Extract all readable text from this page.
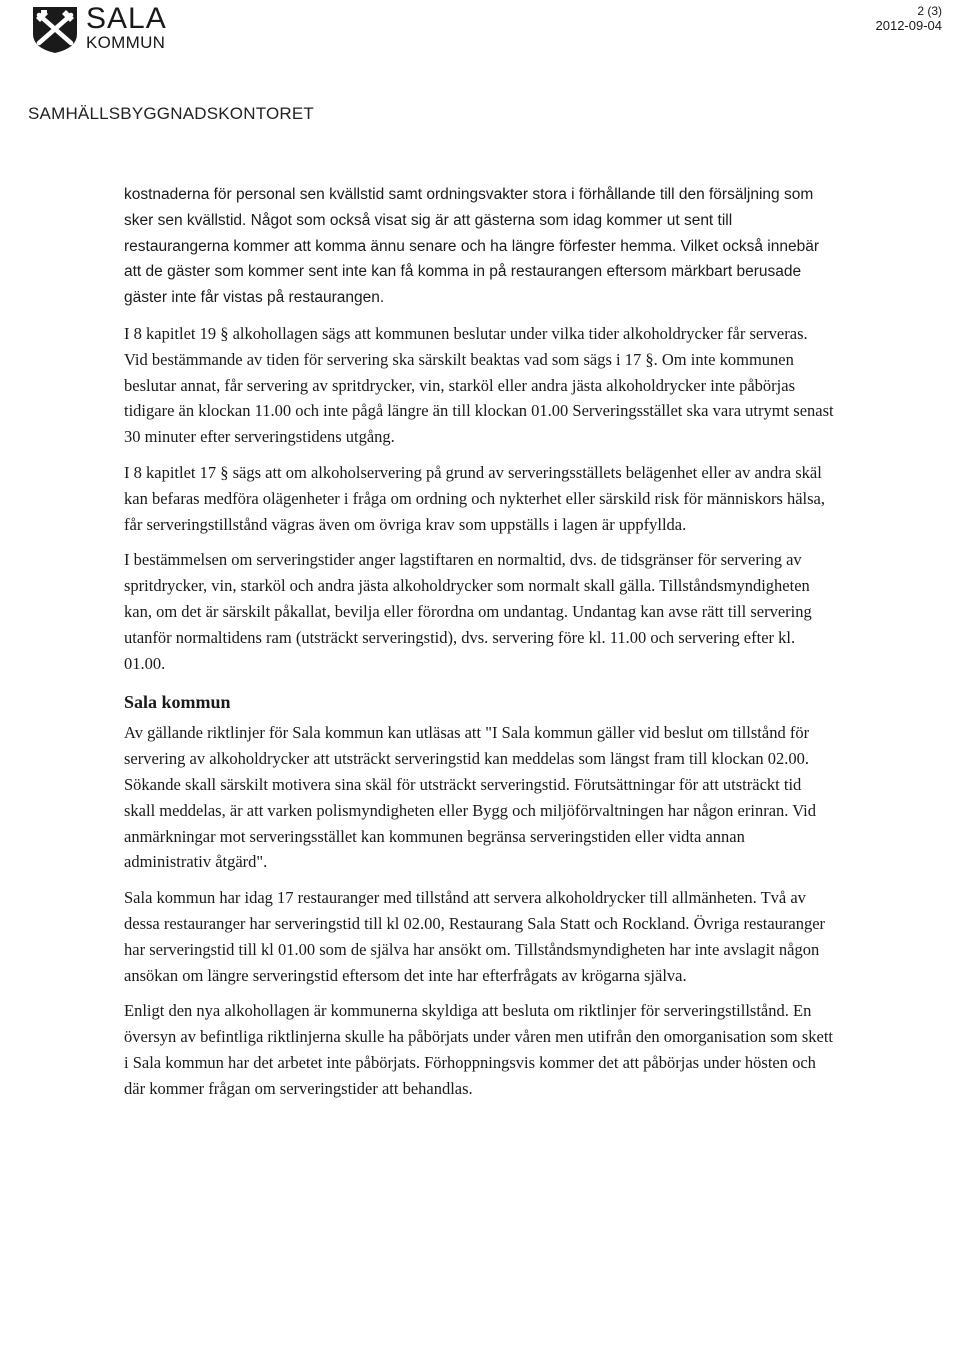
SALA
KOMMUN
2 (3)
2012-09-04
SAMHÄLLSBYGGNADSKONTORET

kostnaderna för personal sen kvällstid samt ordningsvakter stora i förhållande till den försäljning som sker sen kvällstid. Något som också visat sig är att gästerna som idag kommer ut sent till restaurangerna kommer att komma ännu senare och ha längre förfester hemma. Vilket också innebär att de gäster som kommer sent inte kan få komma in på restaurangen eftersom märkbart berusade gäster inte får vistas på restaurangen.

I 8 kapitlet 19 § alkohollagen sägs att kommunen beslutar under vilka tider alkoholdrycker får serveras. Vid bestämmande av tiden för servering ska särskilt beaktas vad som sägs i 17 §. Om inte kommunen beslutar annat, får servering av spritdrycker, vin, starköl eller andra jästa alkoholdrycker inte påbörjas tidigare än klockan 11.00 och inte pågå längre än till klockan 01.00 Serveringsstället ska vara utrymt senast 30 minuter efter serveringstidens utgång.

I 8 kapitlet 17 § sägs att om alkoholservering på grund av serveringsställets belägenhet eller av andra skäl kan befaras medföra olägenheter i fråga om ordning och nykterhet eller särskild risk för människors hälsa, får serveringstillstånd vägras även om övriga krav som uppställs i lagen är uppfyllda.

I bestämmelsen om serveringstider anger lagstiftaren en normaltid, dvs. de tidsgränser för servering av spritdrycker, vin, starköl och andra jästa alkoholdrycker som normalt skall gälla. Tillståndsmyndigheten kan, om det är särskilt påkallat, bevilja eller förordna om undantag. Undantag kan avse rätt till servering utanför normaltidens ram (utsträckt serveringstid), dvs. servering före kl. 11.00 och servering efter kl. 01.00.

Sala kommun

Av gällande riktlinjer för Sala kommun kan utläsas att "I Sala kommun gäller vid beslut om tillstånd för servering av alkoholdrycker att utsträckt serveringstid kan meddelas som längst fram till klockan 02.00. Sökande skall särskilt motivera sina skäl för utsträckt serveringstid. Förutsättningar för att utsträckt tid skall meddelas, är att varken polismyndigheten eller Bygg och miljöförvaltningen har någon erinran. Vid anmärkningar mot serveringsstället kan kommunen begränsa serveringstiden eller vidta annan administrativ åtgärd".

Sala kommun har idag 17 restauranger med tillstånd att servera alkoholdrycker till allmänheten. Två av dessa restauranger har serveringstid till kl 02.00, Restaurang Sala Statt och Rockland. Övriga restauranger har serveringstid till kl 01.00 som de själva har ansökt om. Tillståndsmyndigheten har inte avslagit någon ansökan om längre serveringstid eftersom det inte har efterfrågats av krögarna själva.

Enligt den nya alkohollagen är kommunerna skyldiga att besluta om riktlinjer för serveringstillstånd. En översyn av befintliga riktlinjerna skulle ha påbörjats under våren men utifrån den omorganisation som skett i Sala kommun har det arbetet inte påbörjats. Förhoppningsvis kommer det att påbörjas under hösten och där kommer frågan om serveringstider att behandlas.
